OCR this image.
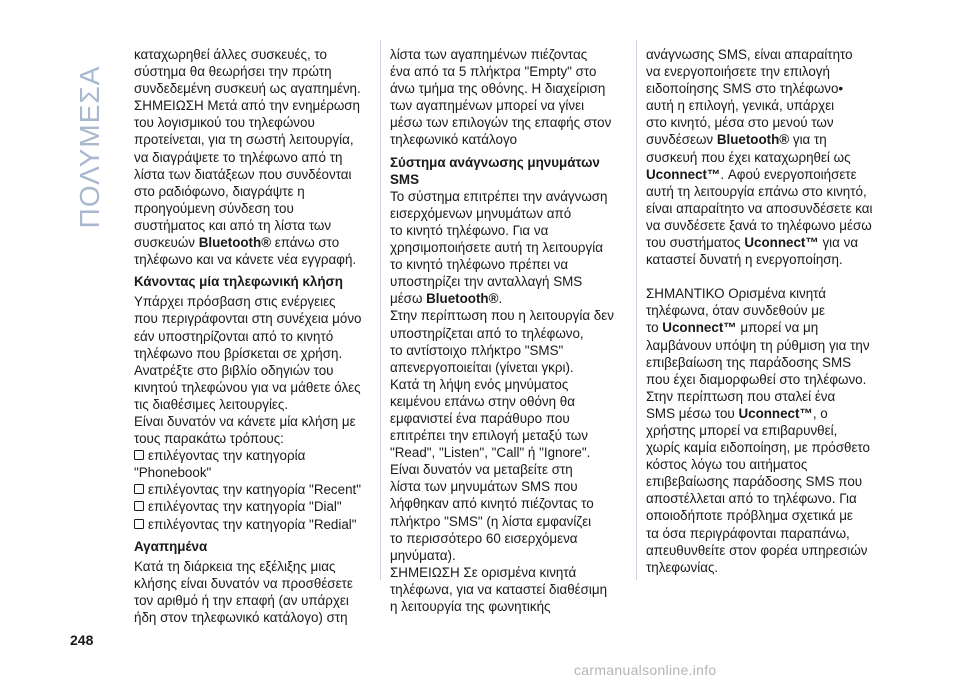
ΠΟΛΥΜΕΣΑ
καταχωρηθεί άλλες συσκευές, το
σύστημα θα θεωρήσει την πρώτη
συνδεδεμένη συσκευή ως αγαπημένη.
ΣΗΜΕΙΩΣΗ Μετά από την ενημέρωση
του λογισμικού του τηλεφώνου
προτείνεται, για τη σωστή λειτουργία,
να διαγράψετε το τηλέφωνο από τη
λίστα των διατάξεων που συνδέονται
στο ραδιόφωνο, διαγράψτε η
προηγούμενη σύνδεση του
συστήματος και από τη λίστα των
συσκευών Bluetooth® επάνω στο
τηλέφωνο και να κάνετε νέα εγγραφή.
Κάνοντας μία τηλεφωνική κλήση
Υπάρχει πρόσβαση στις ενέργειες
που περιγράφονται στη συνέχεια μόνο
εάν υποστηρίζονται από το κινητό
τηλέφωνο που βρίσκεται σε χρήση.
Ανατρέξτε στο βιβλίο οδηγιών του
κινητού τηλεφώνου για να μάθετε όλες
τις διαθέσιμες λειτουργίες.
Είναι δυνατόν να κάνετε μία κλήση με
τους παρακάτω τρόπους:
επιλέγοντας την κατηγορία
"Phonebook"
επιλέγοντας την κατηγορία "Recent"
επιλέγοντας την κατηγορία "Dial"
επιλέγοντας την κατηγορία "Redial"
Αγαπημένα
Κατά τη διάρκεια της εξέλιξης μιας
κλήσης είναι δυνατόν να προσθέσετε
τον αριθμό ή την επαφή (αν υπάρχει
ήδη στον τηλεφωνικό κατάλογο) στη
λίστα των αγαπημένων πιέζοντας
ένα από τα 5 πλήκτρα "Empty" στο
άνω τμήμα της οθόνης. Η διαχείριση
των αγαπημένων μπορεί να γίνει
μέσω των επιλογών της επαφής στον
τηλεφωνικό κατάλογο
Σύστημα ανάγνωσης μηνυμάτων
SMS
Το σύστημα επιτρέπει την ανάγνωση
εισερχόμενων μηνυμάτων από
το κινητό τηλέφωνο. Για να
χρησιμοποιήσετε αυτή τη λειτουργία
το κινητό τηλέφωνο πρέπει να
υποστηρίζει την ανταλλαγή SMS
μέσω Bluetooth®.
Στην περίπτωση που η λειτουργία δεν
υποστηρίζεται από το τηλέφωνο,
το αντίστοιχο πλήκτρο "SMS"
απενεργοποιείται (γίνεται γκρι).
Κατά τη λήψη ενός μηνύματος
κειμένου επάνω στην οθόνη θα
εμφανιστεί ένα παράθυρο που
επιτρέπει την επιλογή μεταξύ των
"Read", "Listen", "Call" ή "Ignore".
Είναι δυνατόν να μεταβείτε στη
λίστα των μηνυμάτων SMS που
λήφθηκαν από κινητό πιέζοντας το
πλήκτρο "SMS" (η λίστα εμφανίζει
το περισσότερο 60 εισερχόμενα
μηνύματα).
ΣΗΜΕΙΩΣΗ Σε ορισμένα κινητά
τηλέφωνα, για να καταστεί διαθέσιμη
η λειτουργία της φωνητικής
ανάγνωσης SMS, είναι απαραίτητο
να ενεργοποιήσετε την επιλογή
ειδοποίησης SMS στο τηλέφωνο•
αυτή η επιλογή, γενικά, υπάρχει
στο κινητό, μέσα στο μενού των
συνδέσεων Bluetooth® για τη
συσκευή που έχει καταχωρηθεί ως
Uconnect™. Αφού ενεργοποιήσετε
αυτή τη λειτουργία επάνω στο κινητό,
είναι απαραίτητο να αποσυνδέσετε και
να συνδέσετε ξανά το τηλέφωνο μέσω
του συστήματος Uconnect™ για να
καταστεί δυνατή η ενεργοποίηση.
ΣΗΜΑΝΤΙΚΟ Ορισμένα κινητά
τηλέφωνα, όταν συνδεθούν με
το Uconnect™ μπορεί να μη
λαμβάνουν υπόψη τη ρύθμιση για την
επιβεβαίωση της παράδοσης SMS
που έχει διαμορφωθεί στο τηλέφωνο.
Στην περίπτωση που σταλεί ένα
SMS μέσω του Uconnect™, ο
χρήστης μπορεί να επιβαρυνθεί,
χωρίς καμία ειδοποίηση, με πρόσθετο
κόστος λόγω του αιτήματος
επιβεβαίωσης παράδοσης SMS που
αποστέλλεται από το τηλέφωνο. Για
οποιοδήποτε πρόβλημα σχετικά με
τα όσα περιγράφονται παραπάνω,
απευθυνθείτε στον φορέα υπηρεσιών
τηλεφωνίας.
248
carmanualsonline.info
